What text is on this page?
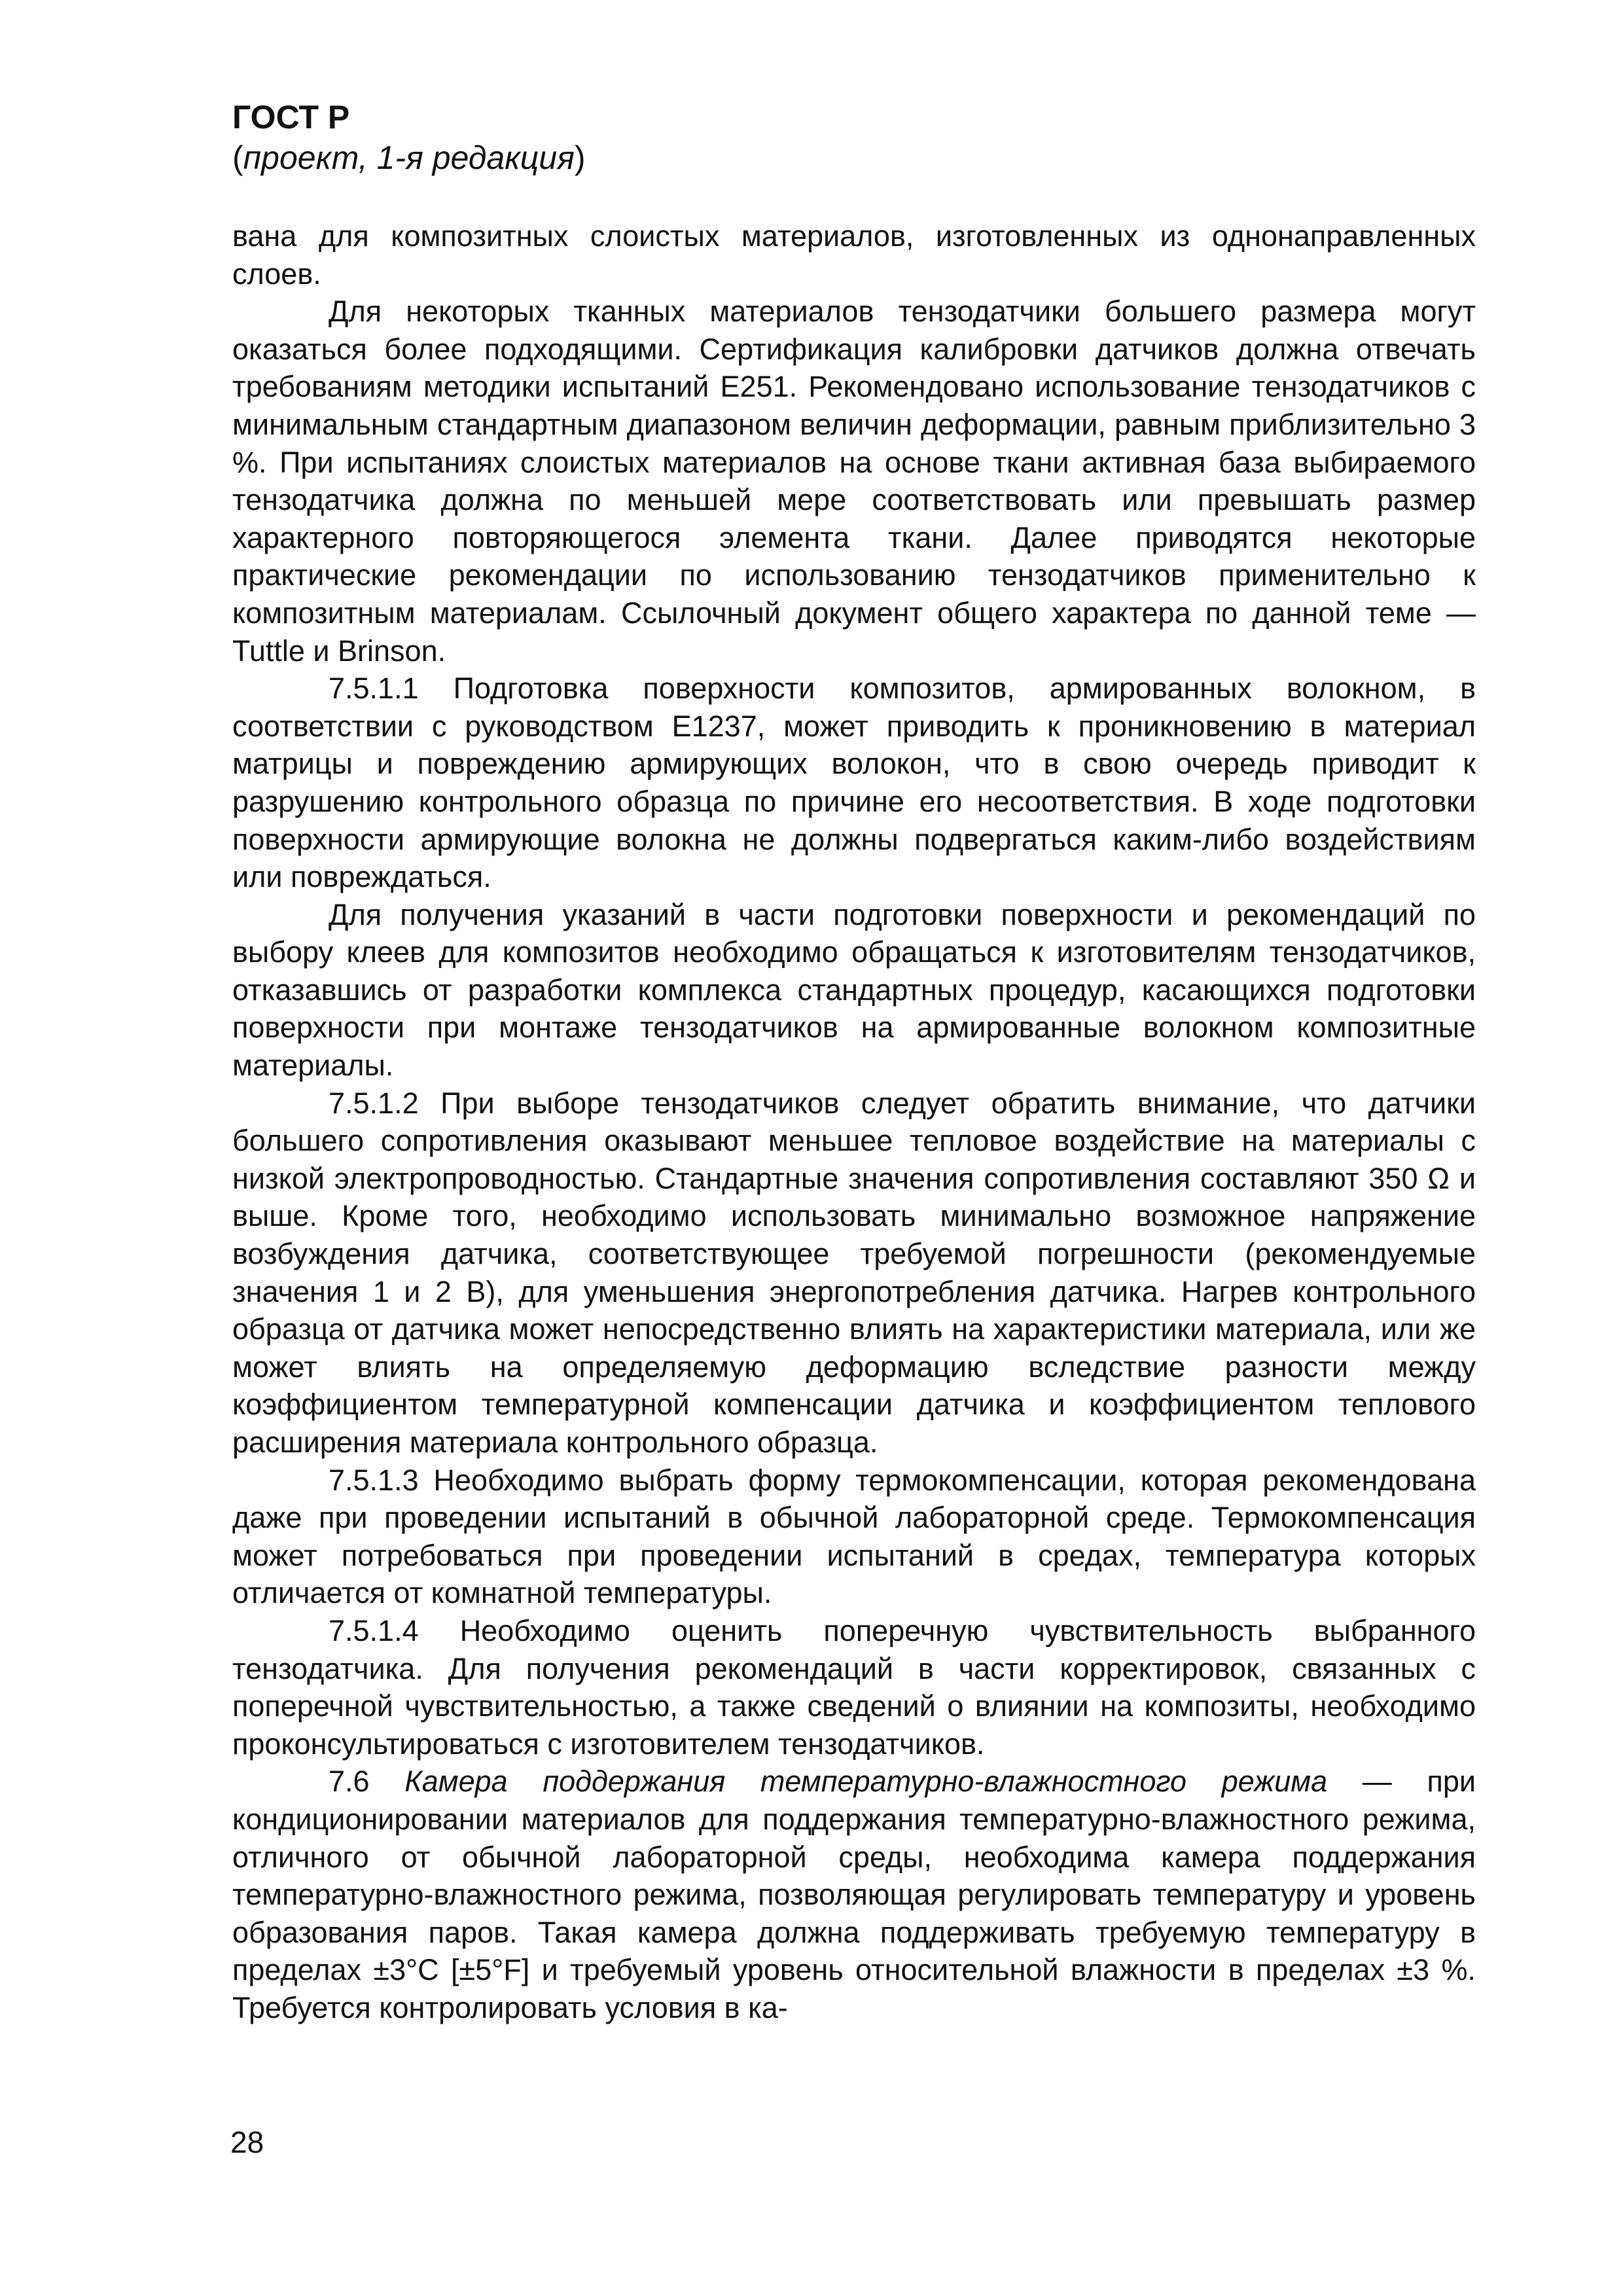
ГОСТ Р

(проект, 1-я редакция)

вана для композитных слоистых материалов, изготовленных из однонаправленных слоев.

Для некоторых тканных материалов тензодатчики большего размера могут оказаться более подходящими. Сертификация калибровки датчиков должна отвечать требованиям методики испытаний E251. Рекомендовано использование тензодатчиков с минимальным стандартным диапазоном величин деформации, равным приблизительно 3 %. При испытаниях слоистых материалов на основе ткани активная база выбираемого тензодатчика должна по меньшей мере соответствовать или превышать размер характерного повторяющегося элемента ткани. Далее приводятся некоторые практические рекомендации по использованию тензодатчиков применительно к композитным материалам. Ссылочный документ общего характера по данной теме — Tuttle и Brinson.

7.5.1.1 Подготовка поверхности композитов, армированных волокном, в соответствии с руководством E1237, может приводить к проникновению в материал матрицы и повреждению армирующих волокон, что в свою очередь приводит к разрушению контрольного образца по причине его несоответствия. В ходе подготовки поверхности армирующие волокна не должны подвергаться каким-либо воздействиям или повреждаться.

Для получения указаний в части подготовки поверхности и рекомендаций по выбору клеев для композитов необходимо обращаться к изготовителям тензодатчиков, отказавшись от разработки комплекса стандартных процедур, касающихся подготовки поверхности при монтаже тензодатчиков на армированные волокном композитные материалы.

7.5.1.2 При выборе тензодатчиков следует обратить внимание, что датчики большего сопротивления оказывают меньшее тепловое воздействие на материалы с низкой электропроводностью. Стандартные значения сопротивления составляют 350 Ω и выше. Кроме того, необходимо использовать минимально возможное напряжение возбуждения датчика, соответствующее требуемой погрешности (рекомендуемые значения 1 и 2 В), для уменьшения энергопотребления датчика. Нагрев контрольного образца от датчика может непосредственно влиять на характеристики материала, или же может влиять на определяемую деформацию вследствие разности между коэффициентом температурной компенсации датчика и коэффициентом теплового расширения материала контрольного образца.

7.5.1.3 Необходимо выбрать форму термокомпенсации, которая рекомендована даже при проведении испытаний в обычной лабораторной среде. Термокомпенсация может потребоваться при проведении испытаний в средах, температура которых отличается от комнатной температуры.

7.5.1.4 Необходимо оценить поперечную чувствительность выбранного тензодатчика. Для получения рекомендаций в части корректировок, связанных с поперечной чувствительностью, а также сведений о влиянии на композиты, необходимо проконсультироваться с изготовителем тензодатчиков.

7.6 Камера поддержания температурно-влажностного режима — при кондиционировании материалов для поддержания температурно-влажностного режима, отличного от обычной лабораторной среды, необходима камера поддержания температурно-влажностного режима, позволяющая регулировать температуру и уровень образования паров. Такая камера должна поддерживать требуемую температуру в пределах ±3°С [±5°F] и требуемый уровень относительной влажности в пределах ±3 %. Требуется контролировать условия в ка-

28
